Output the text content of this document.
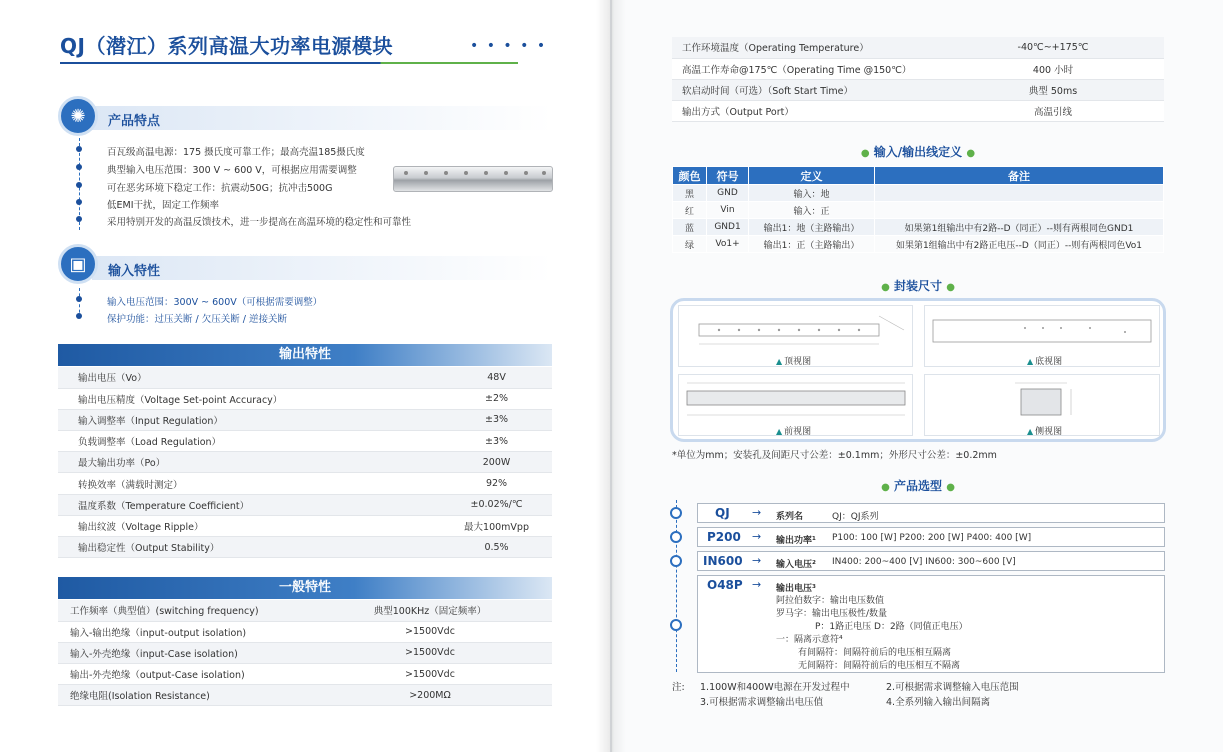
QJ（潜江）系列高温大功率电源模块	• • • • •
✺	产品特点
百瓦级高温电源：175 摄氏度可靠工作；最高壳温185摄氏度
典型输入电压范围：300 V ~ 600 V，可根据应用需要调整
可在恶劣环境下稳定工作：抗震动50G；抗冲击500G
低EMI干扰，固定工作频率
采用特别开发的高温反馈技术，进一步提高在高温环境的稳定性和可靠性
▣	输入特性
输入电压范围：300V ~ 600V（可根据需要调整）
保护功能：过压关断 / 欠压关断 / 逆接关断
输出特性
输出电压（Vo）	48V
输出电压精度（Voltage Set-point Accuracy）	±2%
输入调整率（Input Regulation）	±3%
负载调整率（Load Regulation）	±3%
最大输出功率（Po）	200W
转换效率（满载时测定）	92%
温度系数（Temperature Coefficient）	±0.02%/℃
输出纹波（Voltage Ripple）	最大100mVpp
输出稳定性（Output Stability）	0.5%
一般特性
工作频率（典型值）(switching frequency)	典型100KHz（固定频率）
输入-输出绝缘（input-output isolation)	>1500Vdc
输入-外壳绝缘（input-Case isolation)	>1500Vdc
输出-外壳绝缘（output-Case isolation)	>1500Vdc
绝缘电阻(Isolation Resistance)	>200MΩ
工作环境温度（Operating Temperature）	-40℃~+175℃
高温工作寿命@175℃（Operating Time @150℃）	400 小时
软启动时间（可选）（Soft Start Time）	典型 50ms
输出方式（Output Port）	高温引线
● 输入/输出线定义 ●
颜色	符号	定义	备注
黑	GND	输入：地	
红	Vin	输入：正	
蓝	GND1	输出1：地（主路输出）	如果第1组输出中有2路--D（同正）--则有两根同色GND1
绿	Vo1+	输出1：正（主路输出）	如果第1组输出中有2路正电压--D（同正）--则有两根同色Vo1
● 封装尺寸 ●
▲ 顶视图	▲ 底视图
▲ 前视图	▲ 侧视图
*单位为mm；安装孔及间距尺寸公差：±0.1mm；外形尺寸公差：±0.2mm
● 产品选型 ●
QJ → 系列名	QJ：QJ系列
P200 → 输出功率¹ P100: 100 [W] P200: 200 [W] P400: 400 [W]
IN600 → 输入电压² IN400: 200~400 [V] IN600: 300~600 [V]
O48P → 输出电压³
阿拉伯数字：输出电压数值
罗马字：输出电压极性/数量
P：1路正电压 D：2路（同值正电压）
一：隔离示意符⁴
有间隔符：间隔符前后的电压相互隔离
无间隔符：间隔符前后的电压相互不隔离
注: 1.100W和400W电源在开发过程中	2.可根据需求调整输入电压范围
3.可根据需求调整输出电压值	4.全系列输入输出间隔离
